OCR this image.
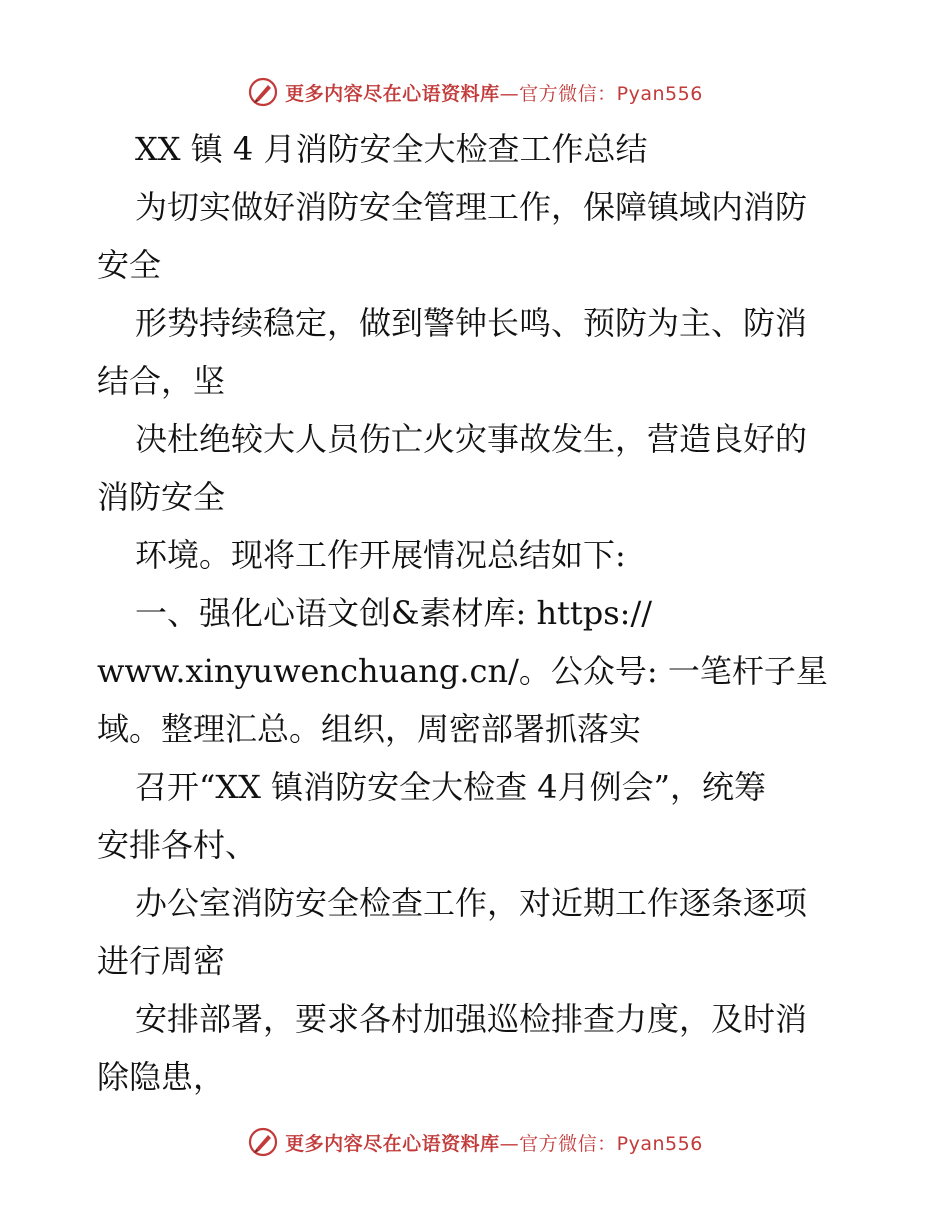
更多内容尽在心语资料库—官方微信：Pyan556
XX 镇 4 月消防安全大检查工作总结
为切实做好消防安全管理工作，保障镇域内消防
安全
形势持续稳定，做到警钟长鸣、预防为主、防消
结合，坚
决杜绝较大人员伤亡火灾事故发生，营造良好的
消防安全
环境。现将工作开展情况总结如下:
一、强化心语文创&素材库: https://
www.xinyuwenchuang.cn/。公众号: 一笔杆子星
域。整理汇总。组织，周密部署抓落实
召开“XX 镇消防安全大检查 4月例会”，统筹
安排各村、
办公室消防安全检查工作，对近期工作逐条逐项
进行周密
安排部署，要求各村加强巡检排查力度，及时消
除隐患，
更多内容尽在心语资料库—官方微信：Pyan556
